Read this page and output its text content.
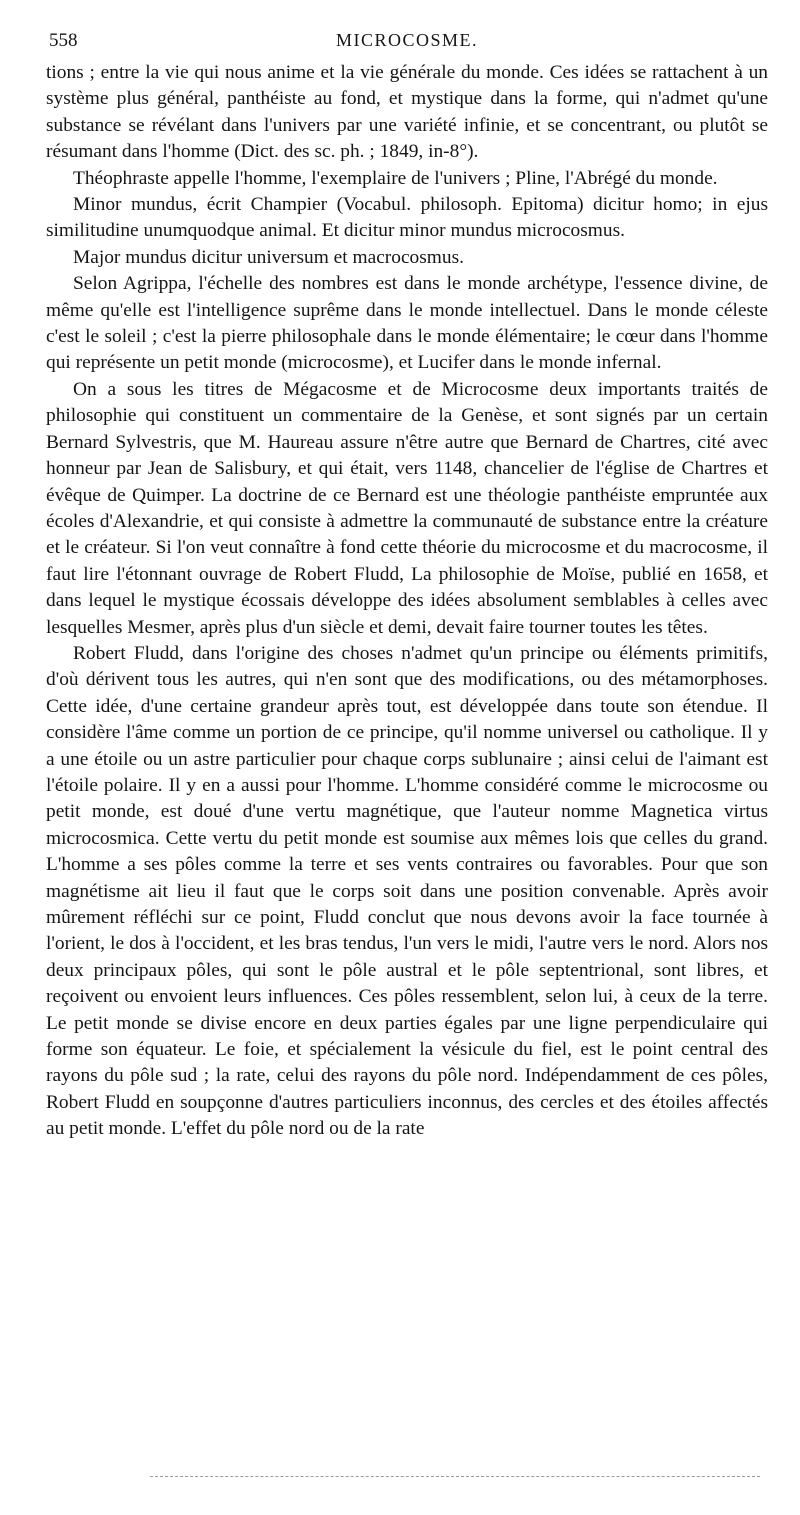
558	MICROCOSME.

tions ; entre la vie qui nous anime et la vie générale du monde. Ces idées se rattachent à un système plus général, panthéiste au fond, et mystique dans la forme, qui n'admet qu'une substance se révélant dans l'univers par une variété infinie, et se concentrant, ou plutôt se résumant dans l'homme (Dict. des sc. ph. ; 1849, in-8°).

Théophraste appelle l'homme, l'exemplaire de l'univers ; Pline, l'Abrégé du monde.

Minor mundus, écrit Champier (Vocabul. philosoph. Epitoma) dicitur homo; in ejus similitudine unumquodque animal. Et dicitur minor mundus microcosmus.

Major mundus dicitur universum et macrocosmus.

Selon Agrippa, l'échelle des nombres est dans le monde archétype, l'essence divine, de même qu'elle est l'intelligence suprême dans le monde intellectuel. Dans le monde céleste c'est le soleil ; c'est la pierre philosophale dans le monde élémentaire; le cœur dans l'homme qui représente un petit monde (microcosme), et Lucifer dans le monde infernal.

On a sous les titres de Mégacosme et de Microcosme deux importants traités de philosophie qui constituent un commentaire de la Genèse, et sont signés par un certain Bernard Sylvestris, que M. Haureau assure n'être autre que Bernard de Chartres, cité avec honneur par Jean de Salisbury, et qui était, vers 1148, chancelier de l'église de Chartres et évêque de Quimper. La doctrine de ce Bernard est une théologie panthéiste empruntée aux écoles d'Alexandrie, et qui consiste à admettre la communauté de substance entre la créature et le créateur. Si l'on veut connaître à fond cette théorie du microcosme et du macrocosme, il faut lire l'étonnant ouvrage de Robert Fludd, La philosophie de Moïse, publié en 1658, et dans lequel le mystique écossais développe des idées absolument semblables à celles avec lesquelles Mesmer, après plus d'un siècle et demi, devait faire tourner toutes les têtes.

Robert Fludd, dans l'origine des choses n'admet qu'un principe ou éléments primitifs, d'où dérivent tous les autres, qui n'en sont que des modifications, ou des métamorphoses. Cette idée, d'une certaine grandeur après tout, est développée dans toute son étendue. Il considère l'âme comme un portion de ce principe, qu'il nomme universel ou catholique. Il y a une étoile ou un astre particulier pour chaque corps sublunaire ; ainsi celui de l'aimant est l'étoile polaire. Il y en a aussi pour l'homme. L'homme considéré comme le microcosme ou petit monde, est doué d'une vertu magnétique, que l'auteur nomme Magnetica virtus microcosmica. Cette vertu du petit monde est soumise aux mêmes lois que celles du grand. L'homme a ses pôles comme la terre et ses vents contraires ou favorables. Pour que son magnétisme ait lieu il faut que le corps soit dans une position convenable. Après avoir mûrement réfléchi sur ce point, Fludd conclut que nous devons avoir la face tournée à l'orient, le dos à l'occident, et les bras tendus, l'un vers le midi, l'autre vers le nord. Alors nos deux principaux pôles, qui sont le pôle austral et le pôle septentrional, sont libres, et reçoivent ou envoient leurs influences. Ces pôles ressemblent, selon lui, à ceux de la terre. Le petit monde se divise encore en deux parties égales par une ligne perpendiculaire qui forme son équateur. Le foie, et spécialement la vésicule du fiel, est le point central des rayons du pôle sud ; la rate, celui des rayons du pôle nord. Indépendamment de ces pôles, Robert Fludd en soupçonne d'autres particuliers inconnus, des cercles et des étoiles affectés au petit monde. L'effet du pôle nord ou de la rate
